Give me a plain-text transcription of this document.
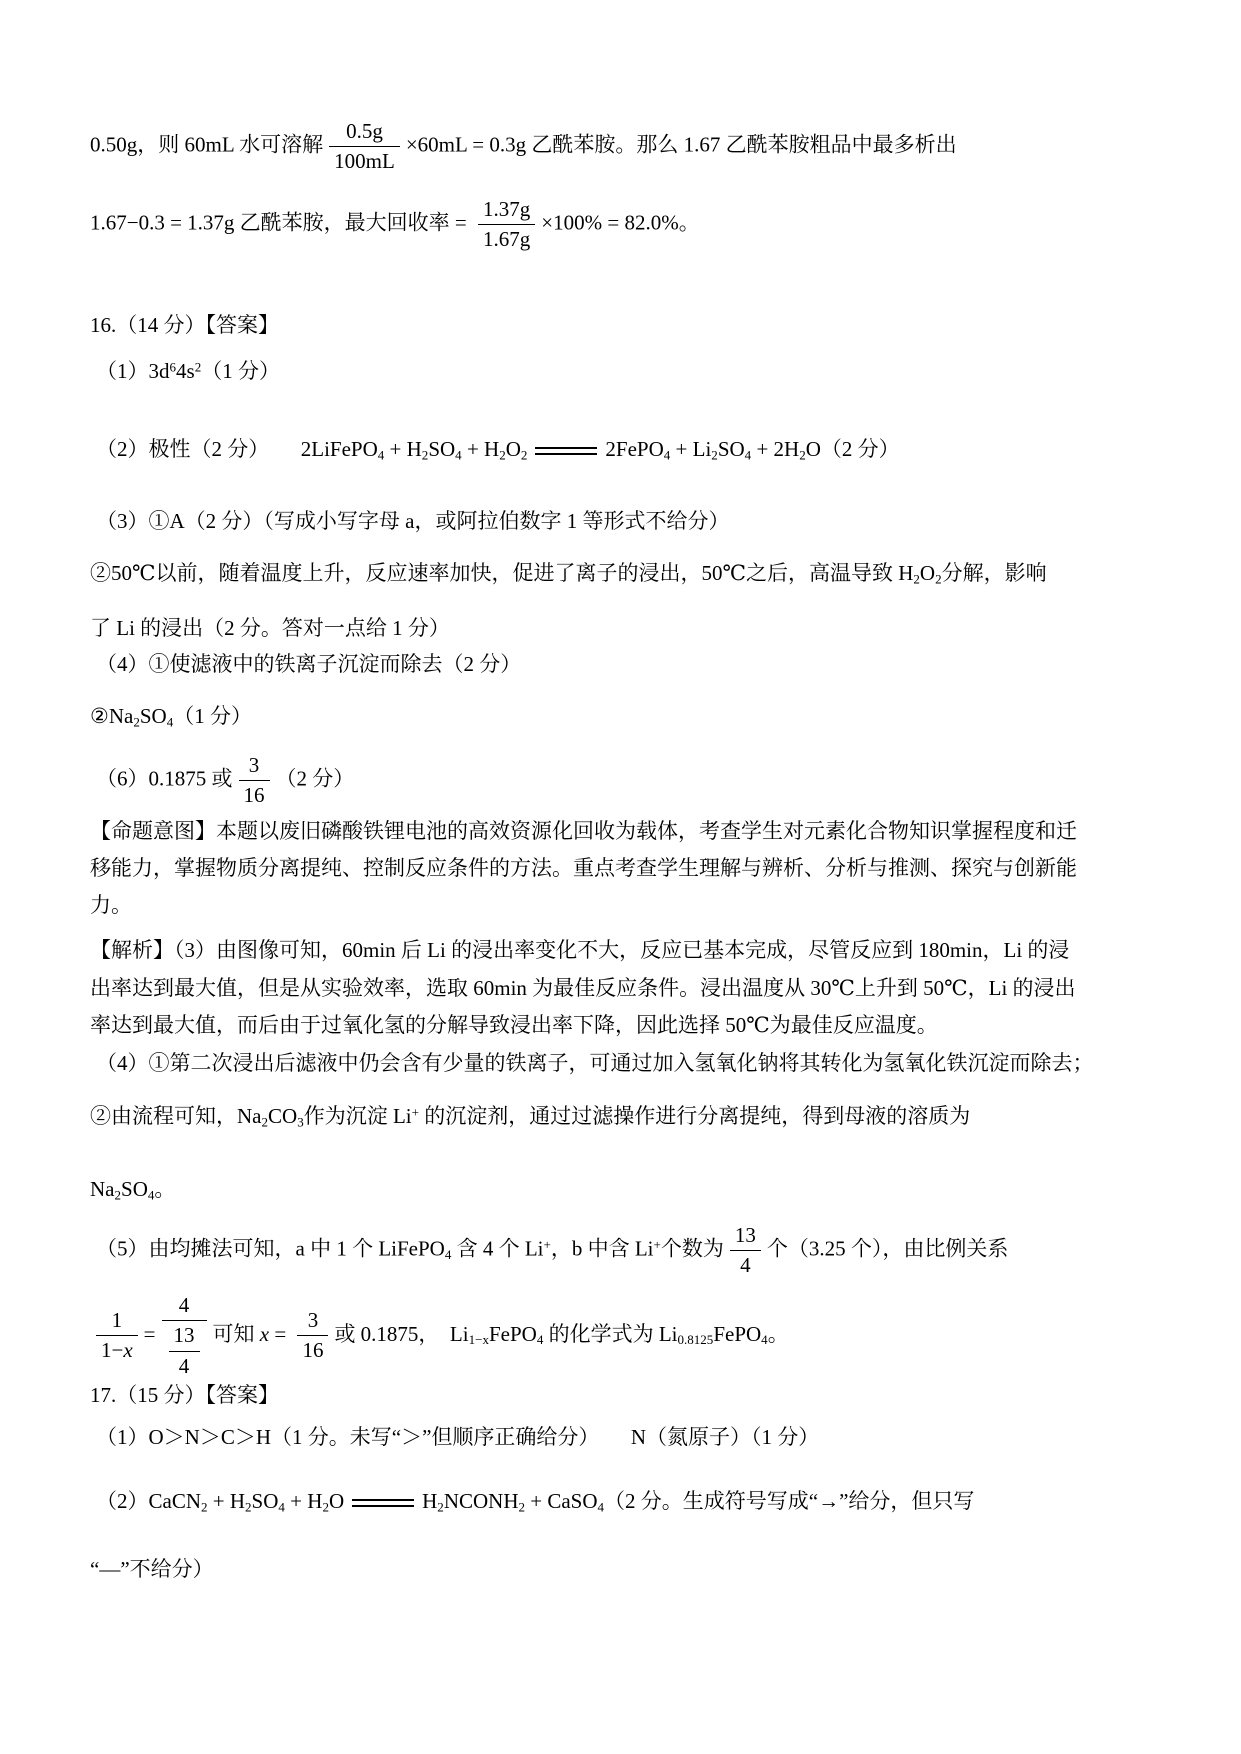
0.50g，则 60mL 水可溶解 $\frac{0.5g}{100mL} \times 60mL = 0.3g$ 乙酰苯胺。那么 1.67 乙酰苯胺粗品中最多析出
1.67−0.3 = 1.37g 乙酰苯胺，最大回收率 = $\frac{1.37g}{1.67g} \times 100\% = 82.0\%$。
16.（14 分）【答案】
$(1)3d^64s^2(1$ 分）
（2）极性（2 分）　　2LiFePO$_4$ + $H_2SO_4 + H_2O_2$	2FePO$_4$ + $Li_2SO_4 + 2H_2O(2$ 分）
（3）①A（2 分）（写成小写字母 a，或阿拉伯数字 1 等形式不给分）
②50℃以前，随着温度上升，反应速率加快，促进了离子的浸出，50℃之后，高温导致 $H_2O_2$分解，影响
了 Li 的浸出（2 分。答对一点给 1 分）
（4）①使滤液中的铁离子沉淀而除去（2 分）
$②Na_2SO_4(1$ 分）
（6）0.1875 或 $\frac{3}{16} (2$ 分）
【命题意图】本题以废旧磷酸铁锂电池的高效资源化回收为载体，考查学生对元素化合物知识掌握程度和迁
移能力，掌握物质分离提纯、控制反应条件的方法。重点考查学生理解与辨析、分析与推测、探究与创新能
力。
【解析】（3）由图像可知，60min 后 Li 的浸出率变化不大，反应已基本完成，尽管反应到 180min，Li 的浸
出率达到最大值，但是从实验效率，选取 60min 为最佳反应条件。浸出温度从 30℃上升到 50℃，Li 的浸出
率达到最大值，而后由于过氧化氢的分解导致浸出率下降，因此选择 50℃为最佳反应温度。
（4）①第二次浸出后滤液中仍会含有少量的铁离子，可通过加入氢氧化钠将其转化为氢氧化铁沉淀而除去；
②由流程可知，$Na_2CO_3$作为沉淀 Li+ 的沉淀剂，通过过滤操作进行分离提纯，得到母液的溶质为
$Na_2SO_4$。
（5）由均摊法可知，a 中 1 个 LiFePO$_4$ 含 4 个 Li+，b 中含 Li+个数为 $\frac{13}{4}$ 个（3.25 个），由比例关系
$\frac{1}{1-x} = \frac{4}{\frac{13}{4}}$ 可知 $x = \frac{3}{16}$ 或 0.1875，　$Li_{1-x}FePO_4$ 的化学式为 $Li_{0.8125}FePO_4$。
17.（15 分）【答案】
（1）O＞N＞C＞H（1 分。未写“＞”但顺序正确给分）　　N（氮原子）（1 分）
（2）CaCN$_2$ + $H_2SO_4 + H_2O$	$H_2NCONH_2$ + CaSO$_4$（2 分。生成符号写成“→”给分，但只写
“—”不给分）
